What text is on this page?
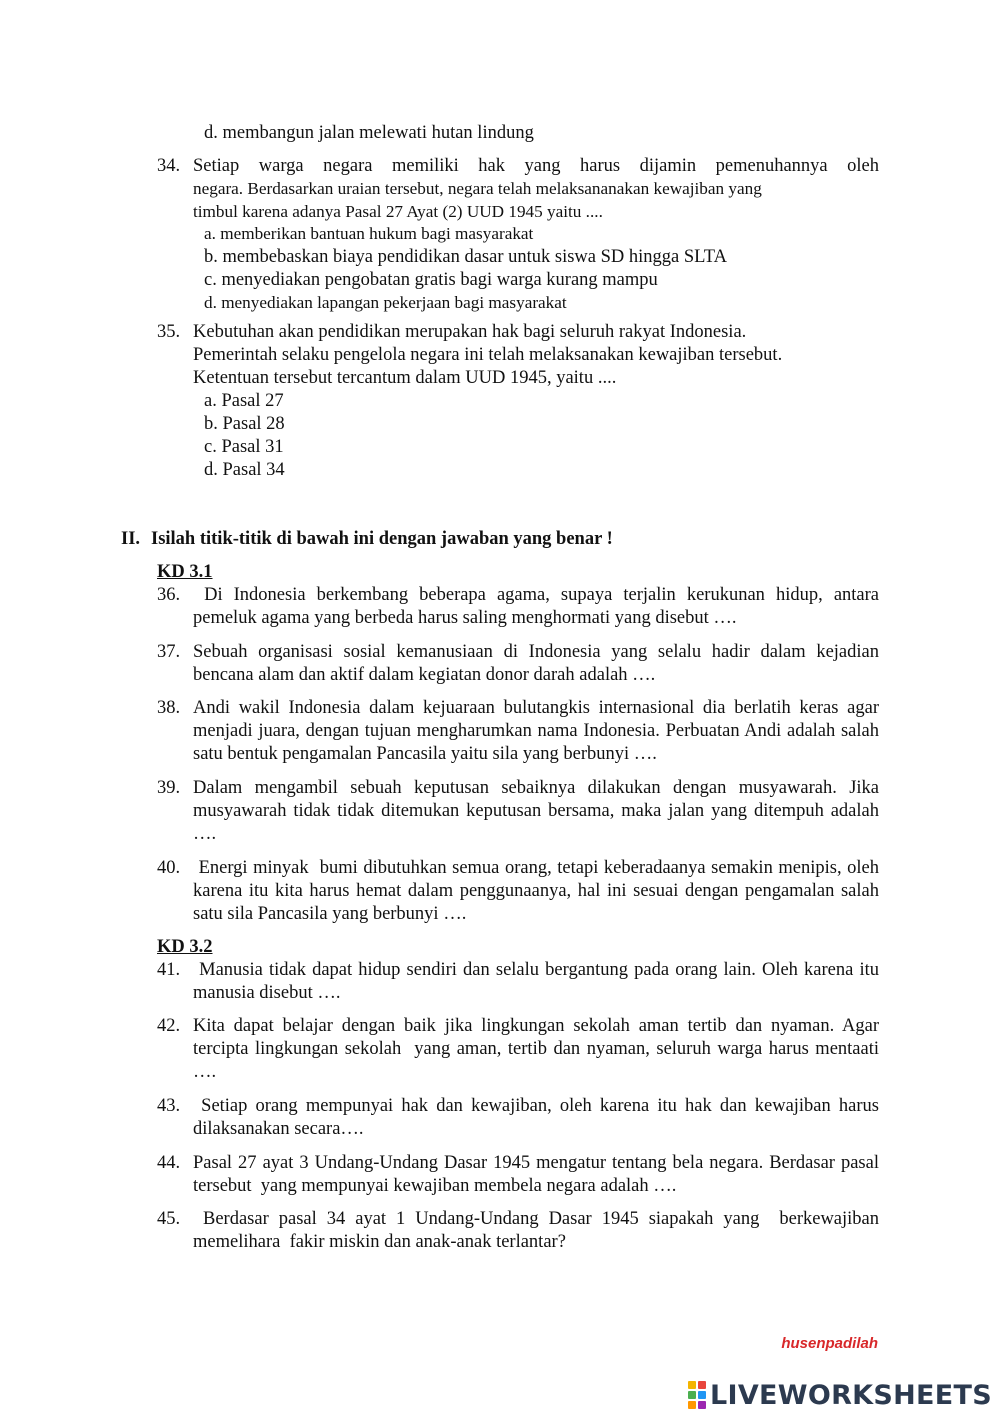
d. membangun jalan melewati hutan lindung
34. Setiap warga negara memiliki hak yang harus dijamin pemenuhannya oleh
negara. Berdasarkan uraian tersebut, negara telah melaksananakan kewajiban yang
timbul karena adanya Pasal 27 Ayat (2) UUD 1945 yaitu ....
a. memberikan bantuan hukum bagi masyarakat
b. membebaskan biaya pendidikan dasar untuk siswa SD hingga SLTA
c. menyediakan pengobatan gratis bagi warga kurang mampu
d. menyediakan lapangan pekerjaan bagi masyarakat
35. Kebutuhan akan pendidikan merupakan hak bagi seluruh rakyat Indonesia.
Pemerintah selaku pengelola negara ini telah melaksanakan kewajiban tersebut.
Ketentuan tersebut tercantum dalam UUD 1945, yaitu ....
a. Pasal 27
b. Pasal 28
c. Pasal 31
d. Pasal 34
II. Isilah titik-titik di bawah ini dengan jawaban yang benar !
KD 3.1
36. Di Indonesia berkembang beberapa agama, supaya terjalin kerukunan hidup, antara pemeluk agama yang berbeda harus saling menghormati yang disebut ….
37. Sebuah organisasi sosial kemanusiaan di Indonesia yang selalu hadir dalam kejadian bencana alam dan aktif dalam kegiatan donor darah adalah ….
38. Andi wakil Indonesia dalam kejuaraan bulutangkis internasional dia berlatih keras agar menjadi juara, dengan tujuan mengharumkan nama Indonesia. Perbuatan Andi adalah salah satu bentuk pengamalan Pancasila yaitu sila yang berbunyi ….
39. Dalam mengambil sebuah keputusan sebaiknya dilakukan dengan musyawarah. Jika musyawarah tidak tidak ditemukan keputusan bersama, maka jalan yang ditempuh adalah ….
40. Energi minyak  bumi dibutuhkan semua orang, tetapi keberadaanya semakin menipis, oleh karena itu kita harus hemat dalam penggunaanya, hal ini sesuai dengan pengamalan salah satu sila Pancasila yang berbunyi ….
KD 3.2
41. Manusia tidak dapat hidup sendiri dan selalu bergantung pada orang lain. Oleh karena itu manusia disebut ….
42. Kita dapat belajar dengan baik jika lingkungan sekolah aman tertib dan nyaman. Agar tercipta lingkungan sekolah  yang aman, tertib dan nyaman, seluruh warga harus mentaati ….
43. Setiap orang mempunyai hak dan kewajiban, oleh karena itu hak dan kewajiban harus dilaksanakan secara….
44. Pasal 27 ayat 3 Undang-Undang Dasar 1945 mengatur tentang bela negara. Berdasar pasal tersebut  yang mempunyai kewajiban membela negara adalah ….
45. Berdasar pasal 34 ayat 1 Undang-Undang Dasar 1945 siapakah yang  berkewajiban memelihara  fakir miskin dan anak-anak terlantar?
husenpadilah
LIVEWORKSHEETS
